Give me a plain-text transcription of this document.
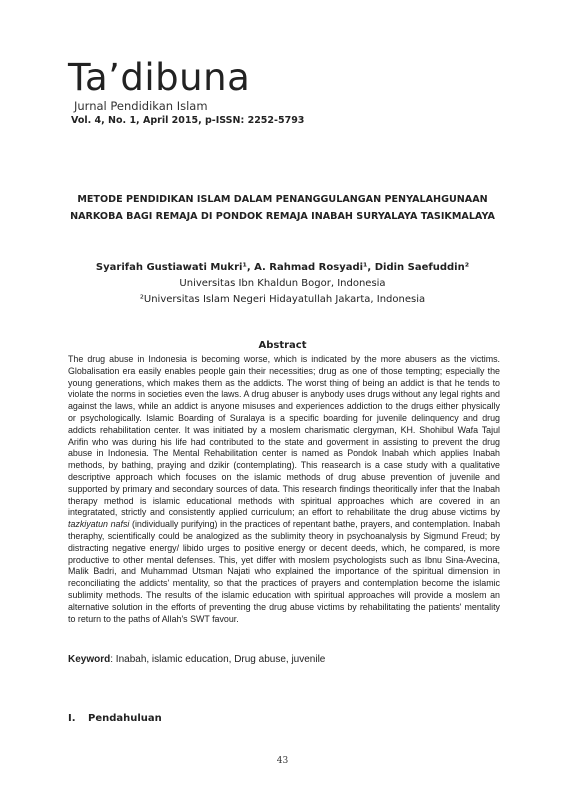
Ta’dibuna
Jurnal Pendidikan Islam
Vol. 4, No. 1, April 2015, p-ISSN: 2252-5793
METODE PENDIDIKAN ISLAM DALAM PENANGGULANGAN PENYALAHGUNAAN
NARKOBA BAGI REMAJA DI PONDOK REMAJA INABAH SURYALAYA TASIKMALAYA
Syarifah Gustiawati Mukri¹, A. Rahmad Rosyadi¹, Didin Saefuddin²
Universitas Ibn Khaldun Bogor, Indonesia
²Universitas Islam Negeri Hidayatullah Jakarta, Indonesia
Abstract
The drug abuse in Indonesia is becoming worse, which is indicated by the more abusers as the victims. Globalisation era easily enables people gain their necessities; drug as one of those tempting; especially the young generations, which makes them as the addicts. The worst thing of being an addict is that he tends to violate the norms in societies even the laws. A drug abuser is anybody uses drugs without any legal rights and against the laws, while an addict is anyone misuses and experiences addiction to the drugs either physically or psychologically. Islamic Boarding of Suralaya is a specific boarding for juvenile delinquency and drug addicts rehabilitation center. It was initiated by a moslem charismatic clergyman, KH. Shohibul Wafa Tajul Arifin who was during his life had contributed to the state and goverment in assisting to prevent the drug abuse in Indonesia. The Mental Rehabilitation center is named as Pondok Inabah which applies Inabah methods, by bathing, praying and dzikir (contemplating). This reasearch is a case study with a qualitative descriptive approach which focuses on the islamic methods of drug abuse prevention of juvenile and supported by primary and secondary sources of data. This research findings theoritically infer that the Inabah therapy method is islamic educational methods with spiritual approaches which are covered in an integratated, strictly and consistently applied curriculum; an effort to rehabilitate the drug abuse victims by tazkiyatun nafsi (individually purifying) in the practices of repentant bathe, prayers, and contemplation. Inabah theraphy, scientifically could be analogized as the sublimity theory in psychoanalysis by Sigmund Freud; by distracting negative energy/ libido urges to positive energy or decent deeds, which, he compared, is more productive to other mental defenses. This, yet differ with moslem psychologists such as Ibnu Sina-Avecina, Malik Badri, and Muhammad Utsman Najati who explained the importance of the spiritual dimension in reconciliating the addicts' mentality, so that the practices of prayers and contemplation become the islamic sublimity methods. The results of the islamic education with spiritual approaches will provide a moslem an alternative solution in the efforts of preventing the drug abuse victims by rehabilitating the patients' mentality to return to the paths of Allah's SWT favour.
Keyword: Inabah, islamic education, Drug abuse, juvenile
I. Pendahuluan
43
